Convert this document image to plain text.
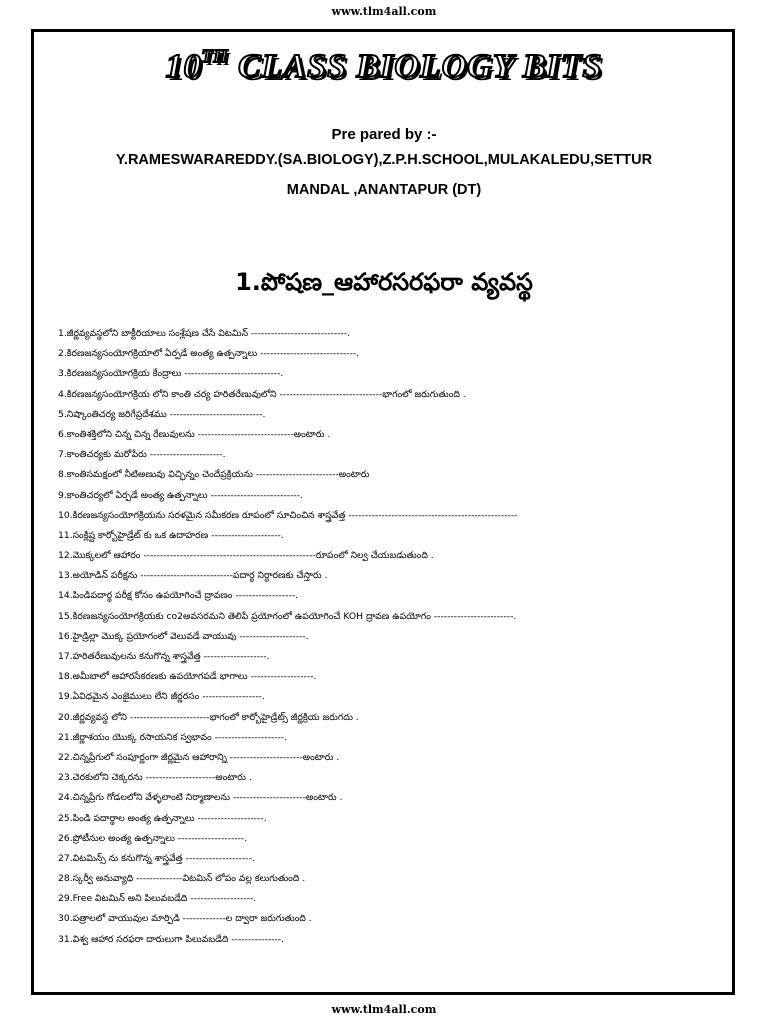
www.tlm4all.com
10TH CLASS BIOLOGY BITS
Pre pared by :-
Y.RAMESWARAREDDY.(SA.BIOLOGY),Z.P.H.SCHOOL,MULAKALEDU,SETTUR
MANDAL ,ANANTAPUR (DT)
1.పోషణ_ఆహారసరఫరా వ్యవస్థ
1.జీర్ణవ్యవస్థలోని బాక్టీరియాలు సంశ్లేషణ చేసే విటమిన్ -----------------------------.
2.కిరణజన్యసంయోగక్రియాలో ఏర్పడే అంత్య ఉత్పన్నాలు -----------------------------.
3.కిరణజన్యసంయోగక్రియ కేంద్రాలు -----------------------------.
4.కిరణజన్యసంయోగక్రియ లోని కాంతి చర్య హరితరేణువులోని -------------------------------భాగంలో జరుగుతుంది .
5.నిష్కాంతిచర్య జరిగేప్రదేశము ----------------------------.
6.కాంతిశక్తిలోని చిన్న చిన్న రేణువులను -----------------------------అంటారు .
7.కాంతిచర్యకు మరోపేరు ----------------------.
8.కాంతిసమక్షంలో నీటిఅణువు విచ్ఛిన్నం చెందేప్రక్రియను -------------------------అంటారు
9.కాంతిచర్యలో ఏర్పడే అంత్య ఉత్పన్నాలు ---------------------------.
10.కిరణజన్యసంయోగక్రియను సరళమైన సమీకరణ రూపంలో సూచించిన శాస్త్రవేత్త ---------------------------------------------------
11.సంక్లిష్ట కార్బోహైడ్రేట్ కు ఒక ఉదాహరణ ---------------------.
12.మొక్కలలో ఆహారం ----------------------------------------------------రూపంలో నిల్వ చేయబడుతుంది .
13.అయోడిన్ పరీక్షను ----------------------------పదార్థ నిర్ధారణకు చేస్తారు .
14.పిండిపదార్థ పరీక్ష కోసం ఉపయోగించే ద్రావణం ------------------.
15.కిరణజన్యసంయోగక్రియకు co2అవసరమని తెలిపే ప్రయోగంలో ఉపయోగించే KOH ద్రావణ ఉపయోగం ------------------------.
16.హైడ్రిల్లా మొక్క ప్రయోగంలో వెలువడే వాయువు --------------------.
17.హరితరేణువులను కనుగొన్న శాస్త్రవేత్త -------------------.
18.అమీబాలో ఆహారసేకరణకు ఉపయోగపడే భాగాలు -------------------.
19.ఏవిధమైన ఎంజైములు లేని జీర్ణరసం ------------------.
20.జీర్ణవ్యవస్థ లోని ------------------------భాగంలో కార్బోహైడ్రేట్స్ జీర్ణక్రియ జరుగదు .
21.జీర్ణాశయం యొక్క రసాయనిక స్వభావం ---------------------.
22.చిన్నప్రేగులో సంపూర్ణంగా జీర్ణమైన ఆహారాన్ని ----------------------అంటారు .
23.చెరకులోని చెక్కరను ---------------------అంటారు .
24.చిన్నప్రేగు గోడలలోని వేళ్ళలాంటి నిర్మాణాలను ----------------------అంటారు .
25.పిండి పదార్థాల అంత్య ఉత్పన్నాలు --------------------.
26.ప్రోటీనుల అంత్య ఉత్పన్నాలు --------------------.
27.విటమిన్స్ ను కనుగొన్న శాస్త్రవేత్త --------------------.
28.స్కర్వీ అనువ్యాధి --------------విటమిన్ లోపం వల్ల కలుగుతుంది .
29.Free విటమిన్ అని పిలువబడేది -------------------.
30.పత్రాలలో వాయువుల మార్పిడి -------------ల ద్వారా జరుగుతుంది .
31.విశ్వ ఆహార సరఫరా దారులుగా పిలువబడేది ---------------.
www.tlm4all.com
